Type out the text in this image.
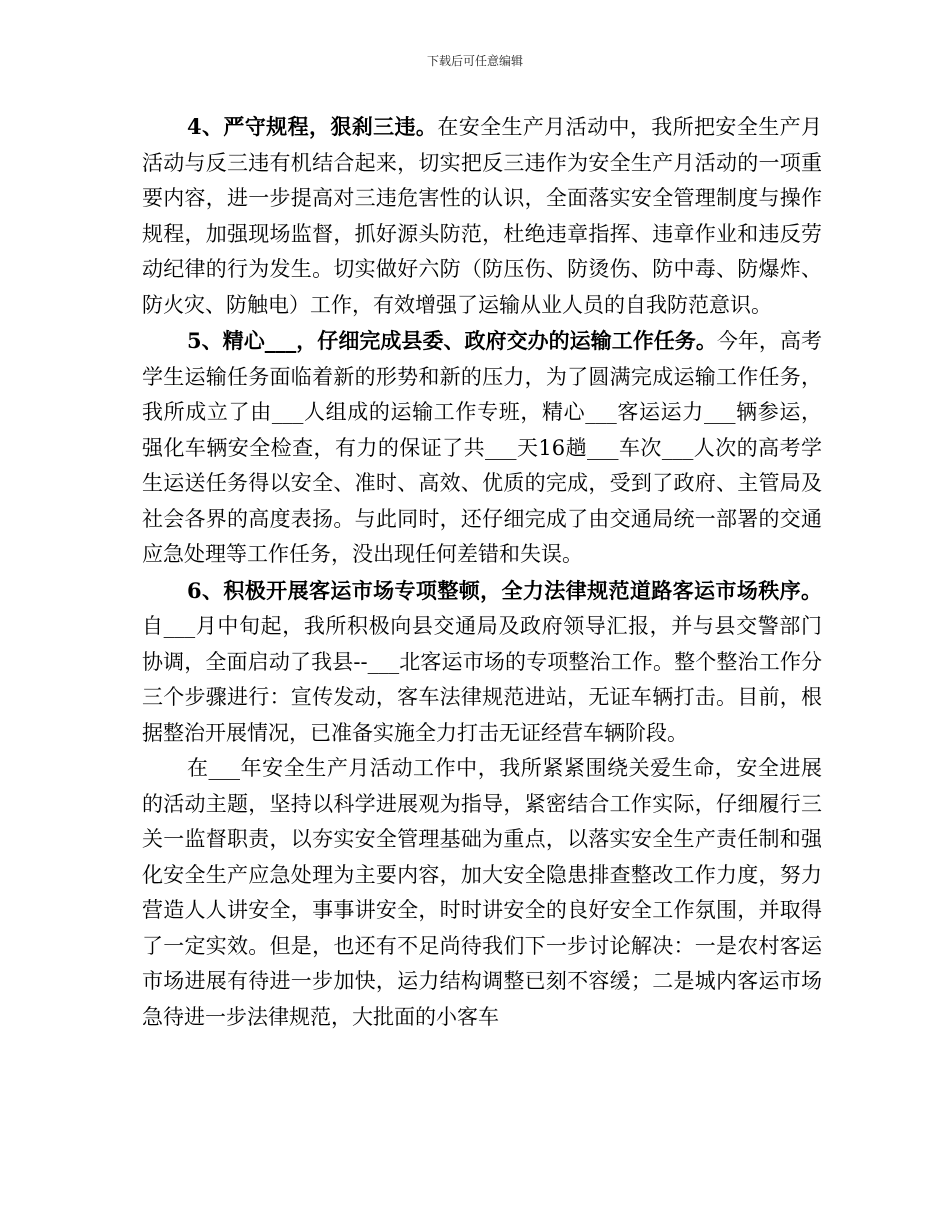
下载后可任意编辑

4、严守规程，狠刹三违。在安全生产月活动中，我所把安全生产月活动与反三违有机结合起来，切实把反三违作为安全生产月活动的一项重要内容，进一步提高对三违危害性的认识，全面落实安全管理制度与操作规程，加强现场监督，抓好源头防范，杜绝违章指挥、违章作业和违反劳动纪律的行为发生。切实做好六防（防压伤、防烫伤、防中毒、防爆炸、防火灾、防触电）工作，有效增强了运输从业人员的自我防范意识。

5、精心___，仔细完成县委、政府交办的运输工作任务。今年，高考学生运输任务面临着新的形势和新的压力，为了圆满完成运输工作任务，我所成立了由___人组成的运输工作专班，精心___客运运力___辆参运，强化车辆安全检查，有力的保证了共___天16趟___车次___人次的高考学生运送任务得以安全、准时、高效、优质的完成，受到了政府、主管局及社会各界的高度表扬。与此同时，还仔细完成了由交通局统一部署的交通应急处理等工作任务，没出现任何差错和失误。

6、积极开展客运市场专项整顿，全力法律规范道路客运市场秩序。自___月中旬起，我所积极向县交通局及政府领导汇报，并与县交警部门协调，全面启动了我县--___北客运市场的专项整治工作。整个整治工作分三个步骤进行：宣传发动，客车法律规范进站，无证车辆打击。目前，根据整治开展情况，已准备实施全力打击无证经营车辆阶段。

在___年安全生产月活动工作中，我所紧紧围绕关爱生命，安全进展的活动主题，坚持以科学进展观为指导，紧密结合工作实际，仔细履行三关一监督职责，以夯实安全管理基础为重点，以落实安全生产责任制和强化安全生产应急处理为主要内容，加大安全隐患排查整改工作力度，努力营造人人讲安全，事事讲安全，时时讲安全的良好安全工作氛围，并取得了一定实效。但是，也还有不足尚待我们下一步讨论解决：一是农村客运市场进展有待进一步加快，运力结构调整已刻不容缓；二是城内客运市场急待进一步法律规范，大批面的小客车
